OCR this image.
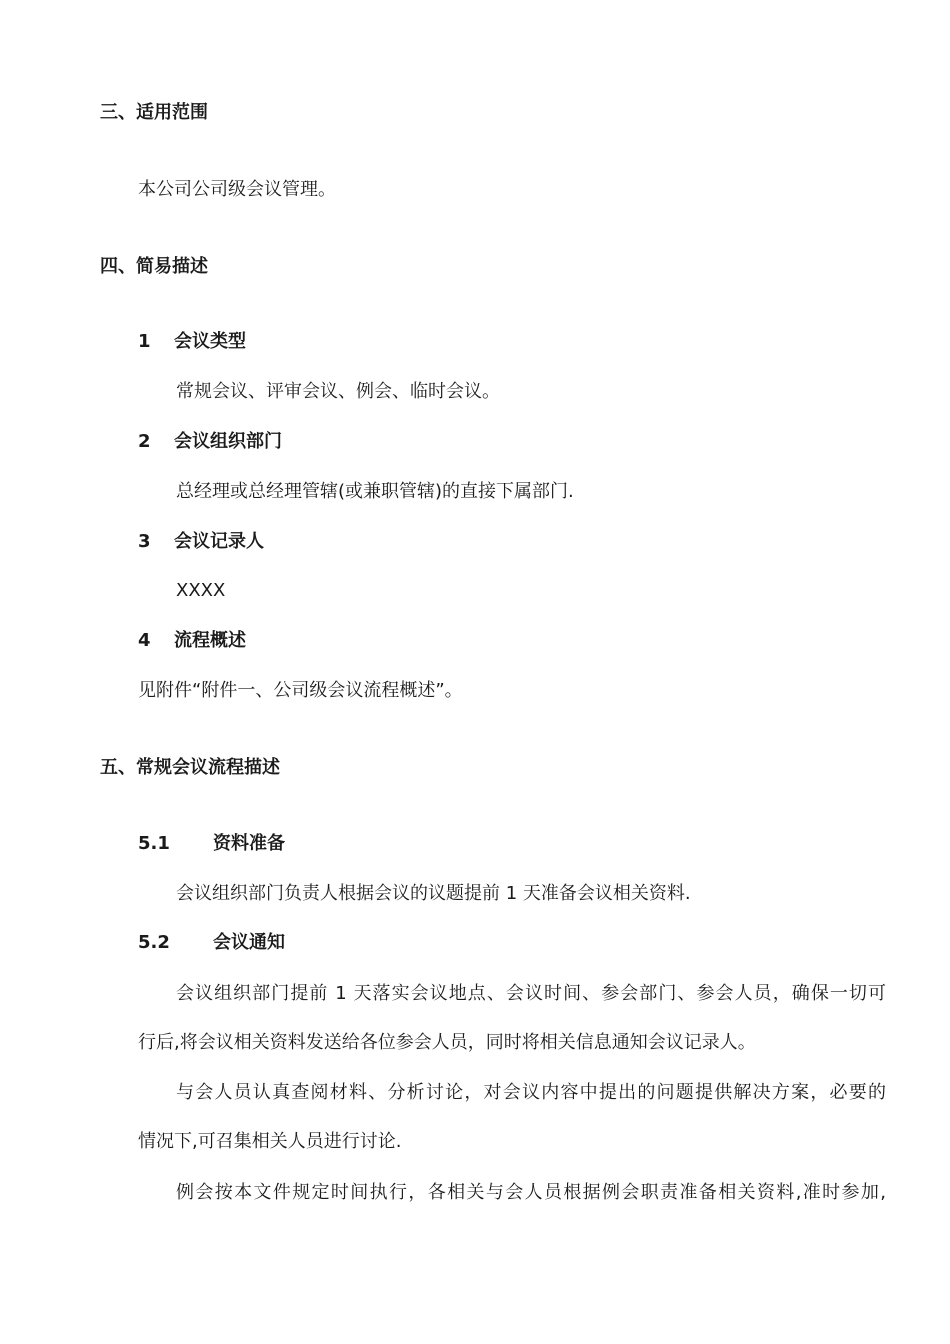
三、适用范围
本公司公司级会议管理。
四、简易描述
1 会议类型
常规会议、评审会议、例会、临时会议。
2 会议组织部门
总经理或总经理管辖(或兼职管辖)的直接下属部门.
3 会议记录人
XXXX
4 流程概述
见附件“附件一、公司级会议流程概述”。
五、常规会议流程描述
5.1 资料准备
会议组织部门负责人根据会议的议题提前 1 天准备会议相关资料.
5.2 会议通知
会议组织部门提前 1 天落实会议地点、会议时间、参会部门、参会人员，确保一切可
行后,将会议相关资料发送给各位参会人员，同时将相关信息通知会议记录人。
与会人员认真查阅材料、分析讨论，对会议内容中提出的问题提供解决方案，必要的
情况下,可召集相关人员进行讨论.
例会按本文件规定时间执行，各相关与会人员根据例会职责准备相关资料,准时参加,
